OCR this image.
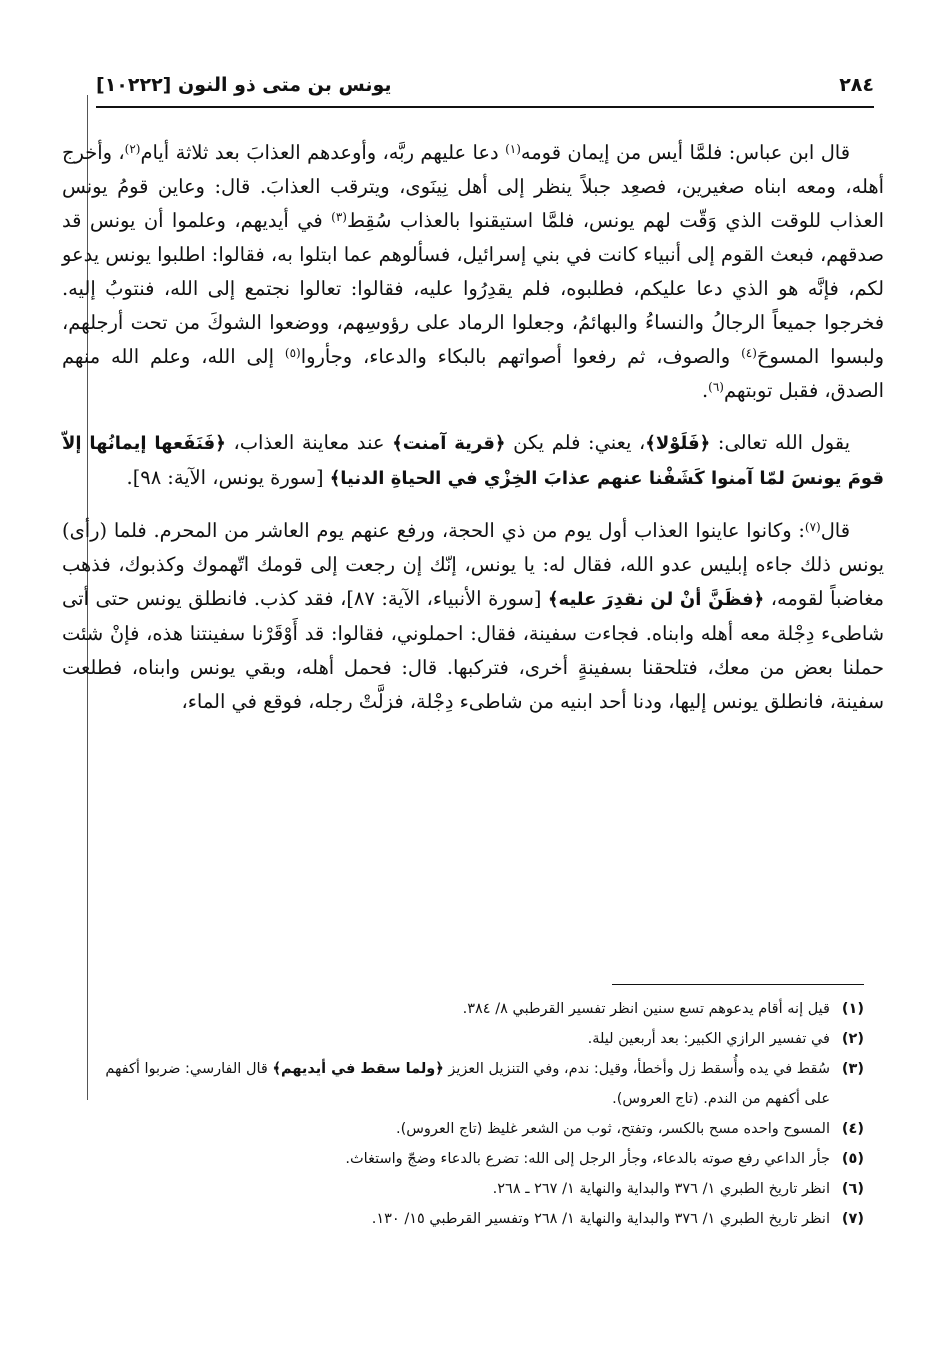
[١٠٢٢٢] يونس بن متى ذو النون	٢٨٤

قال ابن عباس: فلمَّا أيس من إيمان قومه$^{(١)}$ دعا عليهم ربَّه، وأوعدهم العذابَ بعد ثلاثة أيام$^{(٢)}$، وأخرج أهله، ومعه ابناه صغيرين، فصعِد جبلاً ينظر إلى أهل نِينَوى، ويترقب العذابَ. قال: وعاين قومُ يونس العذاب للوقت الذي وَقّت لهم يونس، فلمَّا استيقنوا بالعذاب سُقِط$^{(٣)}$ في أيديهم، وعلموا أن يونس قد صدقهم، فبعث القوم إلى أنبياء كانت في بني إسرائيل، فسألوهم عما ابتلوا به، فقالوا: اطلبوا يونس يدعو لكم، فإنَّه هو الذي دعا عليكم، فطلبوه، فلم يقدِرُوا عليه، فقالوا: تعالوا نجتمع إلى الله، فنتوبُ إليه. فخرجوا جميعاً الرجالُ والنساءُ والبهائمُ، وجعلوا الرماد على رؤوسِهم، ووضعوا الشوكَ من تحت أرجلهم، ولبسوا المسوحَ$^{(٤)}$ والصوف، ثم رفعوا أصواتهم بالبكاء والدعاء، وجأروا$^{(٥)}$ إلى الله، وعلم الله منهم الصدق، فقبل توبتهم$^{(٦)}$.

يقول الله تعالى: ﴿فَلَوْلا﴾، يعني: فلم يكن ﴿قرية آمنت﴾ عند معاينة العذاب، ﴿فَنَفَعها إيمانُها إلاّ قومَ يونسَ لمّا آمنوا كَشَفْنا عنهم عذابَ الخِزْي في الحياةِ الدنيا﴾ [سورة يونس، الآية: ٩٨].

قال$^{(٧)}$: وكانوا عاينوا العذاب أول يوم من ذي الحجة، ورفع عنهم يوم العاشر من المحرم. فلما (رأى) يونس ذلك جاءه إبليس عدو الله، فقال له: يا يونس، إنّك إن رجعت إلى قومك اتّهموك وكذبوك، فذهب مغاضباً لقومه، ﴿فظَنَّ أنْ لن نقدِرَ عليه﴾ [سورة الأنبياء، الآية: ٨٧]، فقد كذب. فانطلق يونس حتى أتى شاطىء دِجْلة معه أهله وابناه. فجاءت سفينة، فقال: احملوني، فقالوا: قد أَوْقَرْنا سفينتنا هذه، فإنْ شئت حملنا بعض من معك، فتلحقنا بسفينةٍ أخرى، فتركبها. قال: فحمل أهله، وبقي يونس وابناه، فطلعت سفينة، فانطلق يونس إليها، ودنا أحد ابنيه من شاطىء دِجْلة، فزلَّتْ رجله، فوقع في الماء،

(١)
قيل إنه أقام يدعوهم تسع سنين انظر تفسير القرطبي ٨/ ٣٨٤.
(٢)
في تفسير الرازي الكبير: بعد أربعين ليلة.
(٣)
سُقط في يده وأُسقط زل وأخطأ، وقيل: ندم، وفي التنزيل العزيز ﴿ولما سقط في أيديهم﴾ قال الفارسي: ضربوا أكفهم على أكفهم من الندم. (تاج العروس).
(٤)
المسوح واحده مسح بالكسر، وتفتح، ثوب من الشعر غليظ (تاج العروس).
(٥)
جأر الداعي رفع صوته بالدعاء، وجأر الرجل إلى الله: تضرع بالدعاء وضجّ واستغاث.
(٦)
انظر تاريخ الطبري ١/ ٣٧٦ والبداية والنهاية ١/ ٢٦٧ ـ ٢٦٨.
(٧)
انظر تاريخ الطبري ١/ ٣٧٦ والبداية والنهاية ١/ ٢٦٨ وتفسير القرطبي ١٥/ ١٣٠.
